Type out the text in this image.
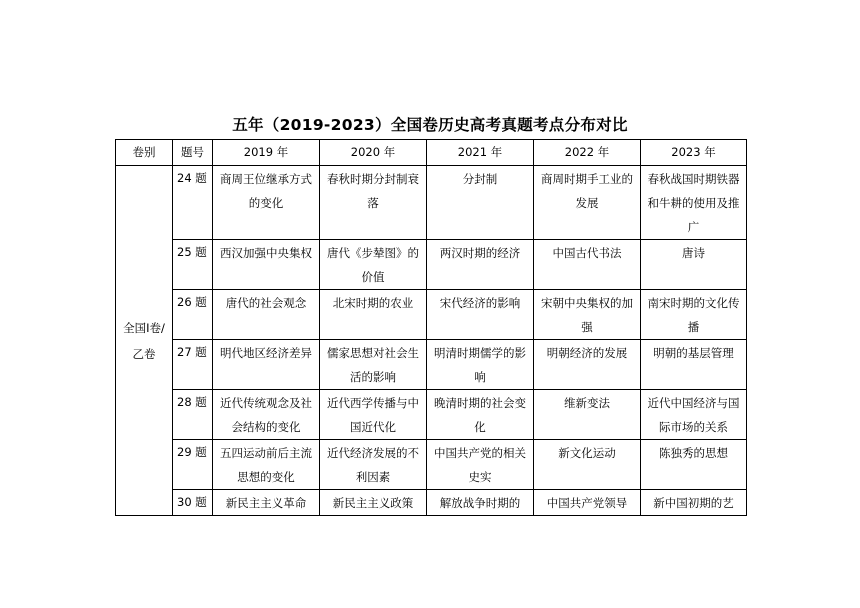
五年（2019-2023）全国卷历史高考真题考点分布对比
卷别	题号	2019 年	2020 年	2021 年	2022 年	2023 年
全国Ⅰ卷/乙卷	24 题	商周王位继承方式的变化	春秋时期分封制衰落	分封制	商周时期手工业的发展	春秋战国时期铁器和牛耕的使用及推广

	25 题	西汉加强中央集权	唐代《步辇图》的价值	两汉时期的经济	中国古代书法	唐诗

	26 题	唐代的社会观念	北宋时期的农业	宋代经济的影响	宋朝中央集权的加强	南宋时期的文化传播

	27 题	明代地区经济差异	儒家思想对社会生活的影响	明清时期儒学的影响	明朝经济的发展	明朝的基层管理

	28 题	近代传统观念及社会结构的变化	近代西学传播与中国近代化	晚清时期的社会变化	维新变法	近代中国经济与国际市场的关系

	29 题	五四运动前后主流思想的变化	近代经济发展的不利因素	中国共产党的相关史实	新文化运动	陈独秀的思想

	30 题	新民主主义革命	新民主主义政策	解放战争时期的	中国共产党领导	新中国初期的艺
